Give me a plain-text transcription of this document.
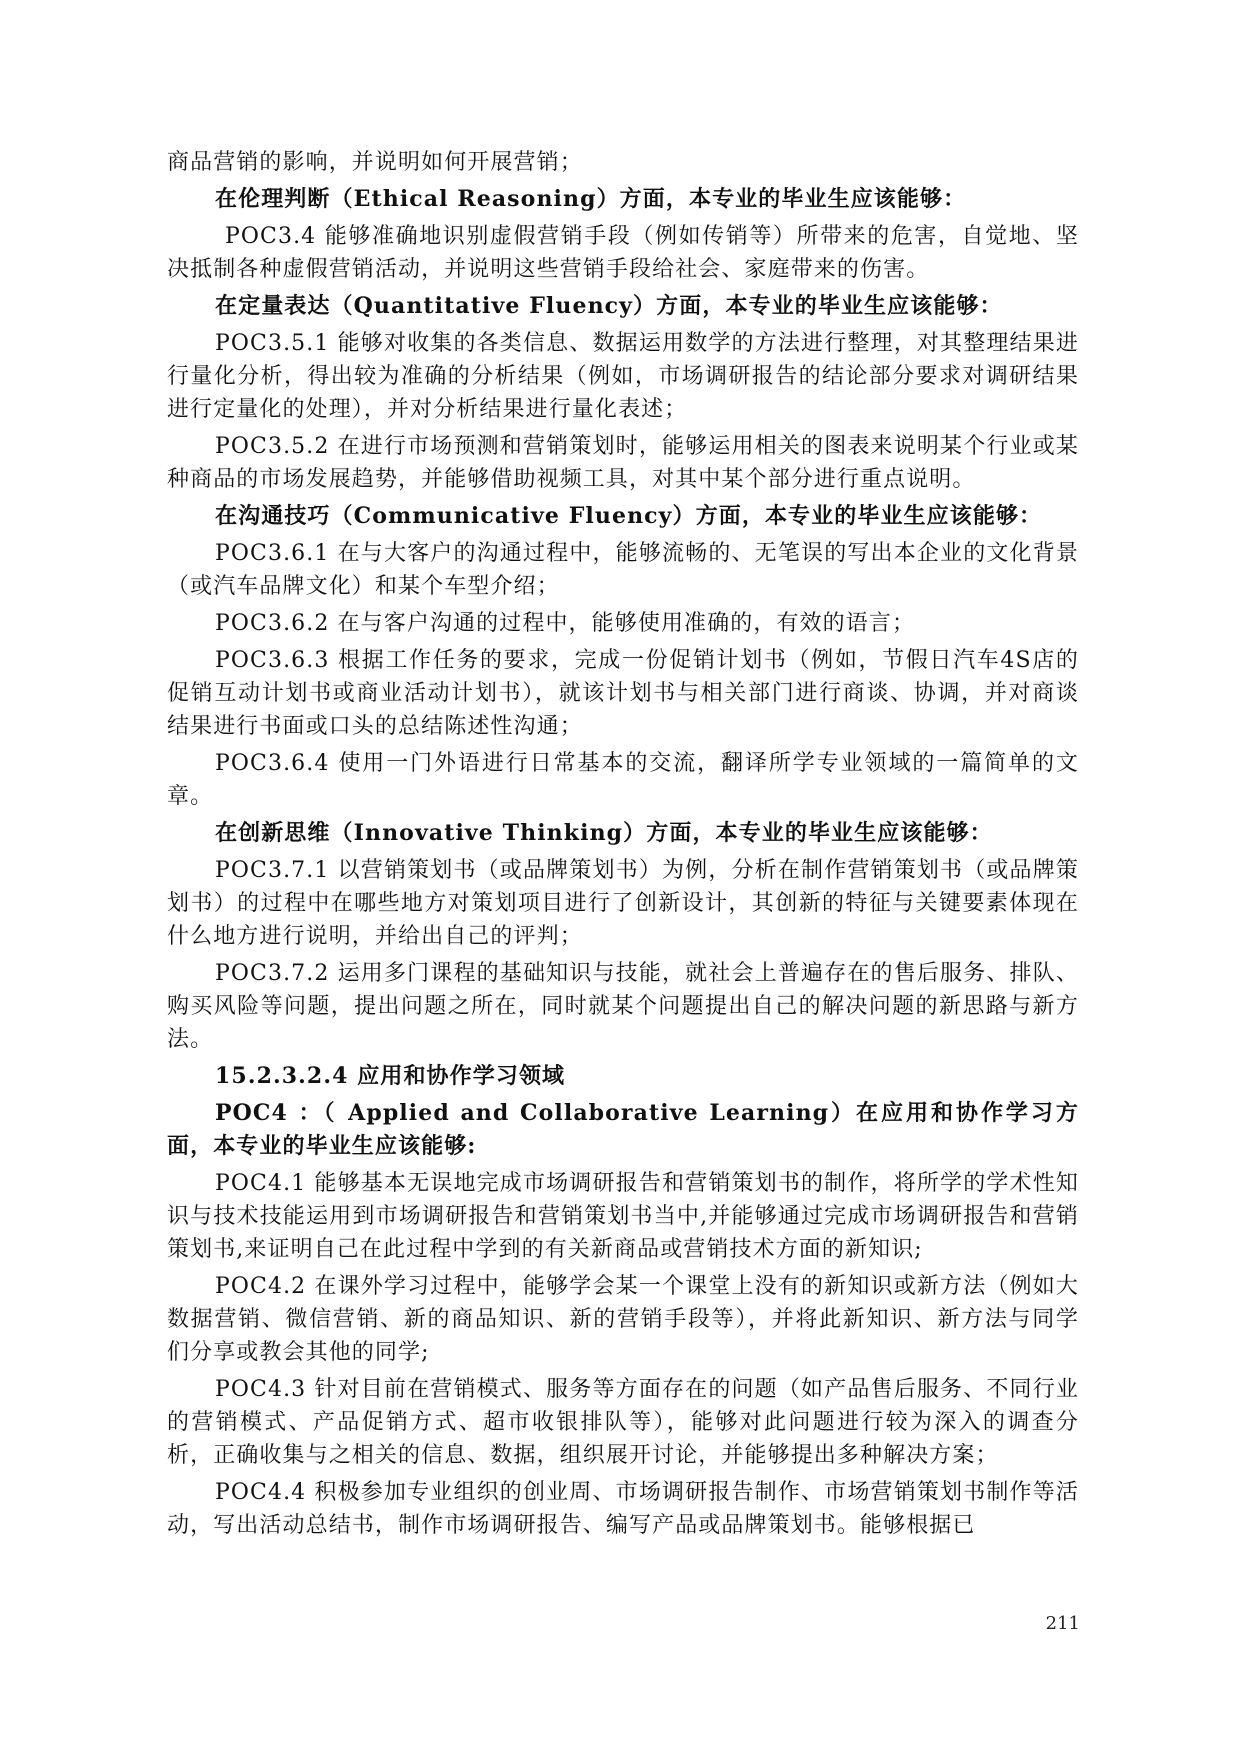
商品营销的影响，并说明如何开展营销；

在伦理判断（Ethical Reasoning）方面，本专业的毕业生应该能够：

POC3.4 能够准确地识别虚假营销手段（例如传销等）所带来的危害，自觉地、坚决抵制各种虚假营销活动，并说明这些营销手段给社会、家庭带来的伤害。

在定量表达（Quantitative Fluency）方面，本专业的毕业生应该能够：

POC3.5.1 能够对收集的各类信息、数据运用数学的方法进行整理，对其整理结果进行量化分析，得出较为准确的分析结果（例如，市场调研报告的结论部分要求对调研结果进行定量化的处理），并对分析结果进行量化表述；

POC3.5.2 在进行市场预测和营销策划时，能够运用相关的图表来说明某个行业或某种商品的市场发展趋势，并能够借助视频工具，对其中某个部分进行重点说明。

在沟通技巧（Communicative Fluency）方面，本专业的毕业生应该能够：

POC3.6.1 在与大客户的沟通过程中，能够流畅的、无笔误的写出本企业的文化背景（或汽车品牌文化）和某个车型介绍；

POC3.6.2 在与客户沟通的过程中，能够使用准确的，有效的语言；

POC3.6.3 根据工作任务的要求，完成一份促销计划书（例如，节假日汽车4S店的促销互动计划书或商业活动计划书），就该计划书与相关部门进行商谈、协调，并对商谈结果进行书面或口头的总结陈述性沟通；

POC3.6.4 使用一门外语进行日常基本的交流，翻译所学专业领域的一篇简单的文章。

在创新思维（Innovative Thinking）方面，本专业的毕业生应该能够：

POC3.7.1 以营销策划书（或品牌策划书）为例，分析在制作营销策划书（或品牌策划书）的过程中在哪些地方对策划项目进行了创新设计，其创新的特征与关键要素体现在什么地方进行说明，并给出自己的评判；

POC3.7.2 运用多门课程的基础知识与技能，就社会上普遍存在的售后服务、排队、购买风险等问题，提出问题之所在，同时就某个问题提出自己的解决问题的新思路与新方法。

15.2.3.2.4 应用和协作学习领域

POC4 ：（ Applied and Collaborative Learning）在应用和协作学习方面，本专业的毕业生应该能够:

POC4.1 能够基本无误地完成市场调研报告和营销策划书的制作，将所学的学术性知识与技术技能运用到市场调研报告和营销策划书当中,并能够通过完成市场调研报告和营销策划书,来证明自己在此过程中学到的有关新商品或营销技术方面的新知识;

POC4.2 在课外学习过程中，能够学会某一个课堂上没有的新知识或新方法（例如大数据营销、微信营销、新的商品知识、新的营销手段等），并将此新知识、新方法与同学们分享或教会其他的同学;

POC4.3 针对目前在营销模式、服务等方面存在的问题（如产品售后服务、不同行业的营销模式、产品促销方式、超市收银排队等），能够对此问题进行较为深入的调查分析，正确收集与之相关的信息、数据，组织展开讨论，并能够提出多种解决方案；

POC4.4 积极参加专业组织的创业周、市场调研报告制作、市场营销策划书制作等活动，写出活动总结书，制作市场调研报告、编写产品或品牌策划书。能够根据已

211
